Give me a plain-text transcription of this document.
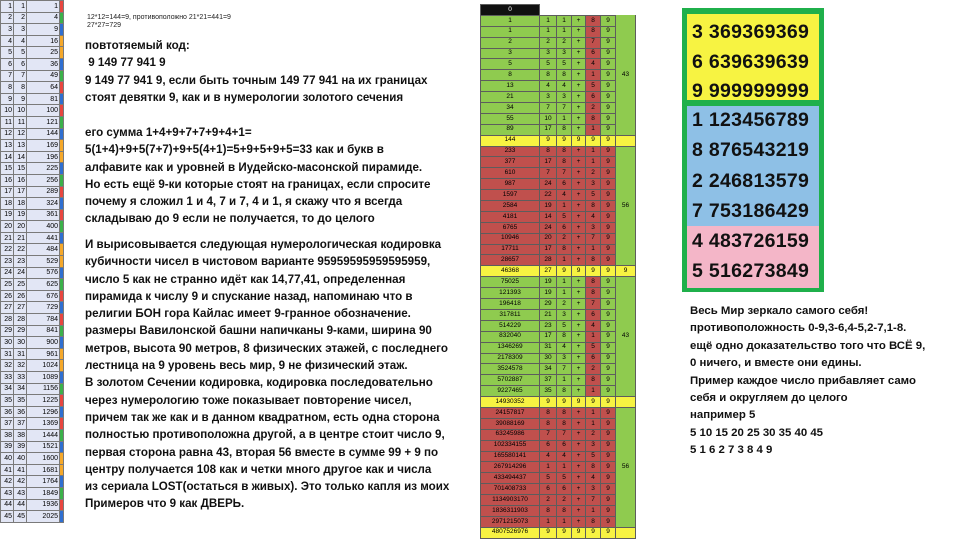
1	1	1	
2	2	4	
3	3	9	
4	4	16	
5	5	25	
6	6	36	
7	7	49	
8	8	64	
9	9	81	
10	10	100	
11	11	121	
12	12	144	
13	13	169	
14	14	196	
15	15	225	
16	16	256	
17	17	289	
18	18	324	
19	19	361	
20	20	400	
21	21	441	
22	22	484	
23	23	529	
24	24	576	
25	25	625	
26	26	676	
27	27	729	
28	28	784	
29	29	841	
30	30	900	
31	31	961	
32	32	1024	
33	33	1089	
34	34	1156	
35	35	1225	
36	36	1296	
37	37	1369	
38	38	1444	
39	39	1521	
40	40	1600	
41	41	1681	
42	42	1764	
43	43	1849	
44	44	1936	
45	45	2025	
12*12=144=9, противоположно 21*21=441=9
27*27=729
повтотяемый код:
9 149 77 941 9
9 149 77 941 9, если быть точным 149 77 941 на их границах
стоят девятки 9, как и в нумерологии золотого сечения
его сумма 1+4+9+7+7+9+4+1=
5(1+4)+9+5(7+7)+9+5(4+1)=5+9+5+9+5=33 как и букв в
алфавите как и уровней в Иудейско-масонской пирамиде.
Но есть ещё 9-ки которые стоят на границах, если спросите
почему я сложил 1 и 4, 7 и 7, 4 и 1, я скажу что я всегда
складываю до 9 если не получается, то до целого
И вырисовывается следующая нумерологическая кодировка
кубичности чисел в чистовом варианте 95959595959595959,
число 5 как не странно идёт как 14,77,41, определенная
пирамида к числу 9 и спускание назад, напоминаю что в
религии БОН гора Кайлас имеет 9-гранное обозначение.
размеры Вавилонской башни напичканы 9-ками, ширина 90
метров, высота 90 метров, 8 физических этажей, с последнего
лестница на 9 уровень весь мир, 9 не физический этаж.
В золотом Сечении кодировка, кодировка последовательно
через нумерологию тоже показывает повторение чисел,
причем так же как и в данном квадратном, есть одна сторона
полностью противоположна другой, а в центре стоит число 9,
первая сторона равна 43, вторая 56 вместе в сумме 99 + 9 по
центру получается 108 как и четки много другое как и числа
из сериала LOST(остаться в живых). Это только капля из моих
Примеров что 9 как ДВЕРЬ.
0						
1	1	1	+	8	9	
1	1	1	+	8	9	
2	2	2	+	7	9	
3	3	3	+	6	9	
5	5	5	+	4	9	
8	8	8	+	1	9	43
13	4	4	+	5	9	
21	3	3	+	6	9	
34	7	7	+	2	9	
55	10	1	+	8	9	
89	17	8	+	1	9	
144	9	9	9	9	9	
233	8	8	+	1	9	
377	17	8	+	1	9	
610	7	7	+	2	9	
987	24	6	+	3	9	
1597	22	4	+	5	9	
2584	19	1	+	8	9	56
4181	14	5	+	4	9	
6765	24	6	+	3	9	
10946	20	2	+	7	9	
17711	17	8	+	1	9	
28657	28	1	+	8	9	
46368	27	9	9	9	9	9
75025	19	1	+	8	9	
121393	19	1	+	8	9	
196418	29	2	+	7	9	
317811	21	3	+	6	9	
514229	23	5	+	4	9	
832040	17	8	+	1	9	43
1346269	31	4	+	5	9	
2178309	30	3	+	6	9	
3524578	34	7	+	2	9	
5702887	37	1	+	8	9	
9227465	35	8	+	1	9	
14930352	9	9	9	9	9	
24157817	8	8	+	1	9	
39088169	8	8	+	1	9	
63245986	7	7	+	2	9	
102334155	6	6	+	3	9	
165580141	4	4	+	5	9	
267914296	1	1	+	8	9	56
433494437	5	5	+	4	9	
701408733	6	6	+	3	9	
1134903170	2	2	+	7	9	
1836311903	8	8	+	1	9	
2971215073	1	1	+	8	9	
4807526976	9	9	9	9	9	
3 369369369
6 639639639
9 999999999
1 123456789
8 876543219
2 246813579
7 753186429
4 483726159
5 516273849
Весь Мир зеркало самого себя!
противоположность 0-9,3-6,4-5,2-7,1-8.
ещё одно доказательство того что ВСЁ 9,
0 ничего, и вместе они едины.
Пример каждое число прибавляет само
себя и округляем до целого
например 5
5 10 15 20 25 30 35 40 45
5 1 6 2 7 3 8 4 9
